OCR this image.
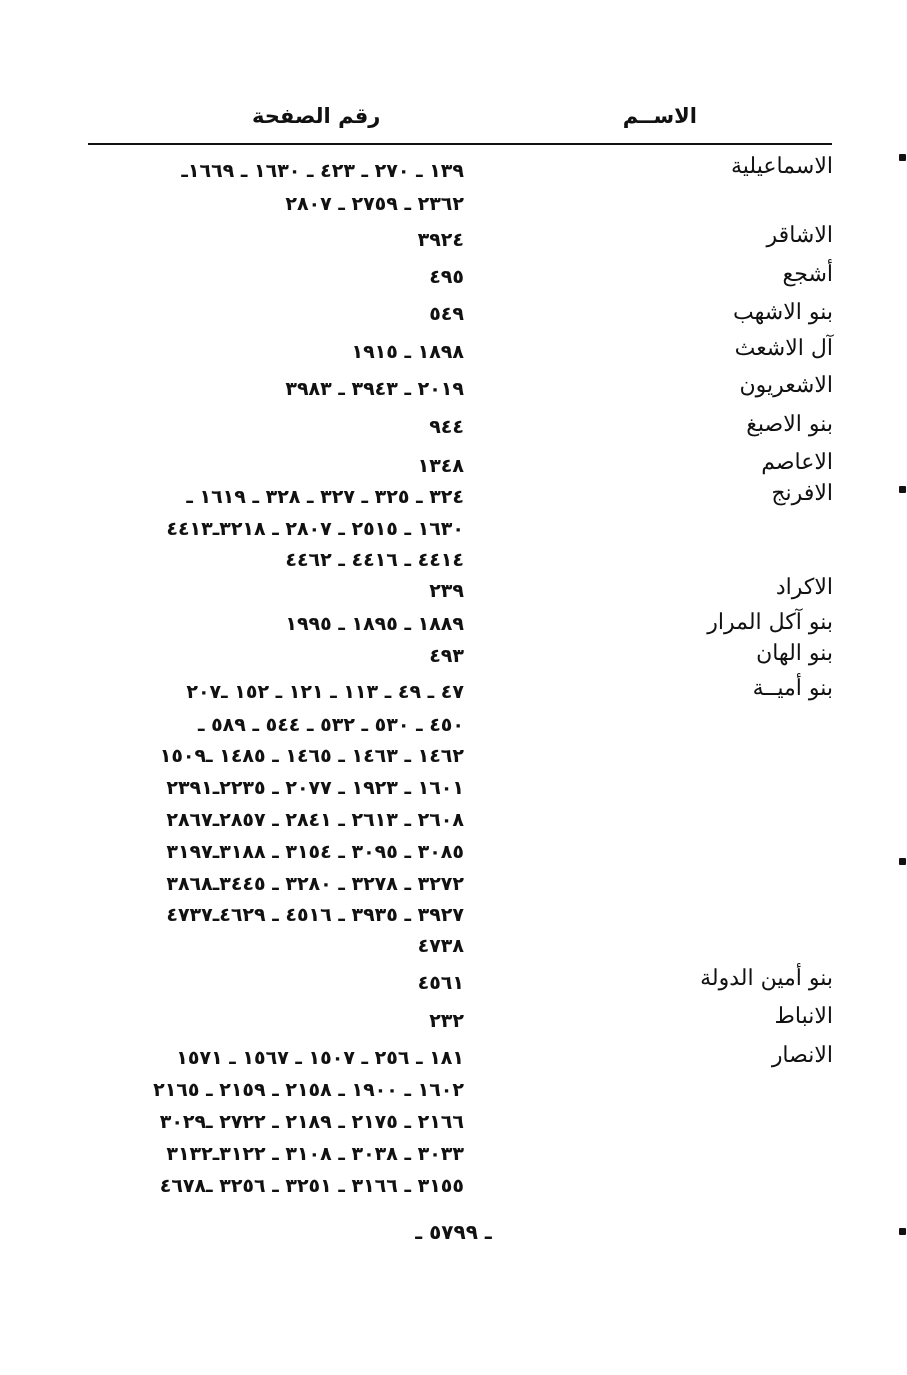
الاســم
رقم الصفحة
الاسماعيلية
١٣٩ ـ ٢٧٠ ـ ٤٢٣ ـ ١٦٣٠ ـ ١٦٦٩ـ
٢٣٦٢ ـ ٢٧٥٩ ـ ٢٨٠٧
الاشاقر
٣٩٢٤
أشجع
٤٩٥
بنو الاشهب
٥٤٩
آل الاشعث
١٨٩٨ ـ ١٩١٥
الاشعريون
٢٠١٩ ـ ٣٩٤٣ ـ ٣٩٨٣
بنو الاصبغ
٩٤٤
الاعاصم
١٣٤٨
الافرنج
٣٢٤ ـ ٣٢٥ ـ ٣٢٧ ـ ٣٢٨ ـ ١٦١٩ ـ
١٦٣٠ ـ ٢٥١٥ ـ ٢٨٠٧ ـ ٣٢١٨ـ٤٤١٣
٤٤١٤ ـ ٤٤١٦ ـ ٤٤٦٢
الاكراد
٢٣٩
بنو آكل المرار
١٨٨٩ ـ ١٨٩٥ ـ ١٩٩٥
بنو الهان
٤٩٣
بنو أميــة
٤٧ ـ ٤٩ ـ ١١٣ ـ ١٢١ ـ ١٥٢ ـ٢٠٧
٤٥٠ ـ ٥٣٠ ـ ٥٣٢ ـ ٥٤٤ ـ ٥٨٩ ـ
١٤٦٢ ـ ١٤٦٣ ـ ١٤٦٥ ـ ١٤٨٥ ـ١٥٠٩
١٦٠١ ـ ١٩٢٣ ـ ٢٠٧٧ ـ ٢٢٣٥ـ٢٣٩١
٢٦٠٨ ـ ٢٦١٣ ـ ٢٨٤١ ـ ٢٨٥٧ـ٢٨٦٧
٣٠٨٥ ـ ٣٠٩٥ ـ ٣١٥٤ ـ ٣١٨٨ـ٣١٩٧
٣٢٧٢ ـ ٣٢٧٨ ـ ٣٢٨٠ ـ ٣٤٤٥ـ٣٨٦٨
٣٩٢٧ ـ ٣٩٣٥ ـ ٤٥١٦ ـ ٤٦٢٩ـ٤٧٣٧
٤٧٣٨
بنو أمين الدولة
٤٥٦١
الانباط
٢٣٢
الانصار
١٨١ ـ ٢٥٦ ـ ١٥٠٧ ـ ١٥٦٧ ـ ١٥٧١
١٦٠٢ ـ ١٩٠٠ ـ ٢١٥٨ ـ ٢١٥٩ ـ ٢١٦٥
٢١٦٦ ـ ٢١٧٥ ـ ٢١٨٩ ـ ٢٧٢٢ ـ٣٠٢٩
٣٠٣٣ ـ ٣٠٣٨ ـ ٣١٠٨ ـ ٣١٢٢ـ٣١٣٢
٣١٥٥ ـ ٣١٦٦ ـ ٣٢٥١ ـ ٣٢٥٦ ـ٤٦٧٨
ـ ٥٧٩٩ ـ
